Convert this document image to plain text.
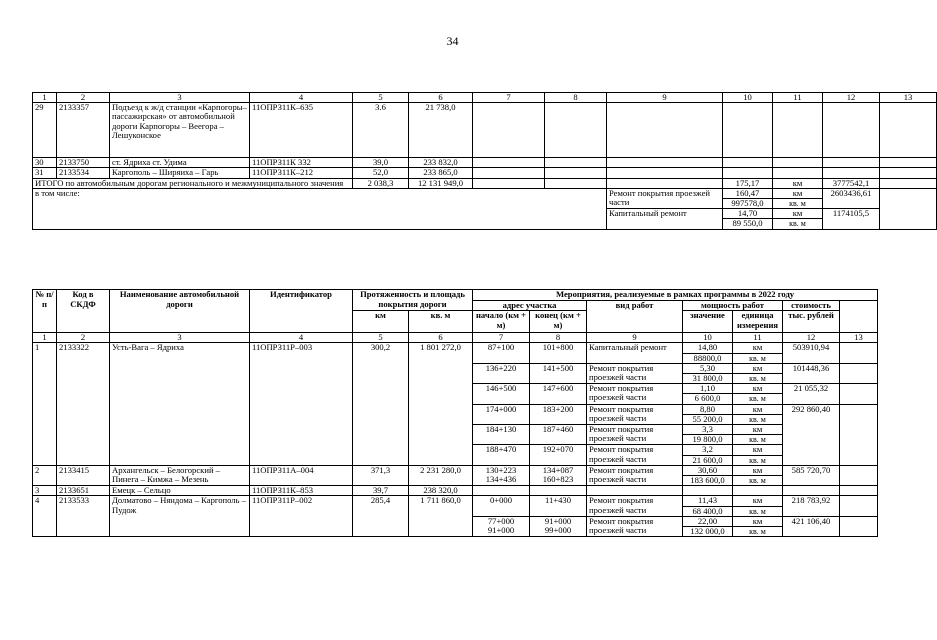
34
1	2	3	4	5	6	7	8	9	10	11	12	13
29	2133357	Подъезд к ж/д станции «Карпогоры–пассажирская» от автомобильной дороги Карпогоры – Веегора – Лешуконское	11ОПРЗ11К–635	3.6	21 738,0							
30	2133750	ст. Ядриха ст. Удима	11ОПРЗ11К 332	39,0	233 832,0							
31	2133534	Каргополь – Ширяиха – Гарь	11ОПРЗ11К–212	52,0	233 865,0							
ИТОГО по автомобильным дорогам регионального и межмуниципального значения				2 038,3	12 131 949,0				175,17	км	3777542,1	
в том числе:								Ремонт покрытия проезжей части	160,47	км	2603436,61	
									997578,0	кв. м		
								Капитальный ремонт	14,70	км	1174105,5	
									89 550,0	кв. м		
№ п/п	Код в СКДФ	Наименование автомобильной дороги	Идентификатор	Протяженность и площадь покрытия дороги		Мероприятия, реализуемые в рамках программы в 2022 году	
						адрес участка		вид работ	мощность работ		стоимость		
				км	кв. м	начало (км + м)	конец (км + м)		значение	единица измерения	тыс. рублей		
1	2	3	4	5	6	7	8	9	10	11	12	13	
1	2133322	Усть-Вага – Ядриха	11ОПРЗ11Р–003	300,2	1 801 272,0	87+100	101+800	Капитальный ремонт	14,80	км	503910,94		
									88800,0	кв. м			
						136+220	141+500	Ремонт покрытия проезжей части	5,30	км	101448,36		
									31 800,0	кв. м			
						146+500	147+600	Ремонт покрытия проезжей части	1,10	км	21 055,32		
									6 600,0	кв. м			
						174+000	183+200	Ремонт покрытия проезжей части	8,80	км	292 860,40		
									55 200,0	кв. м			
						184+130	187+460	Ремонт покрытия проезжей части	3,3	км			
									19 800,0	кв. м			
						188+470	192+070	Ремонт покрытия проезжей части	3,2	км			
									21 600,0	кв. м			
2	2133415	Архангельск – Белогорский – Пинега – Кимжа – Мезень	11ОПРЗ11А–004	371,3	2 231 280,0	130+223 134+436	134+087 160+823	Ремонт покрытия проезжей части	30,60	км	585 720,70		
									183 600,0	кв. м			
3	2133651	Емецк – Сельцо	11ОПРЗ11К–853	39,7	238 320,0								
4	2133533	Долматово – Няндома – Каргополь – Пудож	11ОПРЗ11Р–002	285,4	1 711 860,0	0+000	11+430	Ремонт покрытия проезжей части	11,43	км	218 783,92		
									68 400,0	кв. м			
						77+000 91+000	91+000 99+000	Ремонт покрытия проезжей части	22,00	км	421 106,40		
									132 000,0	кв. м			
